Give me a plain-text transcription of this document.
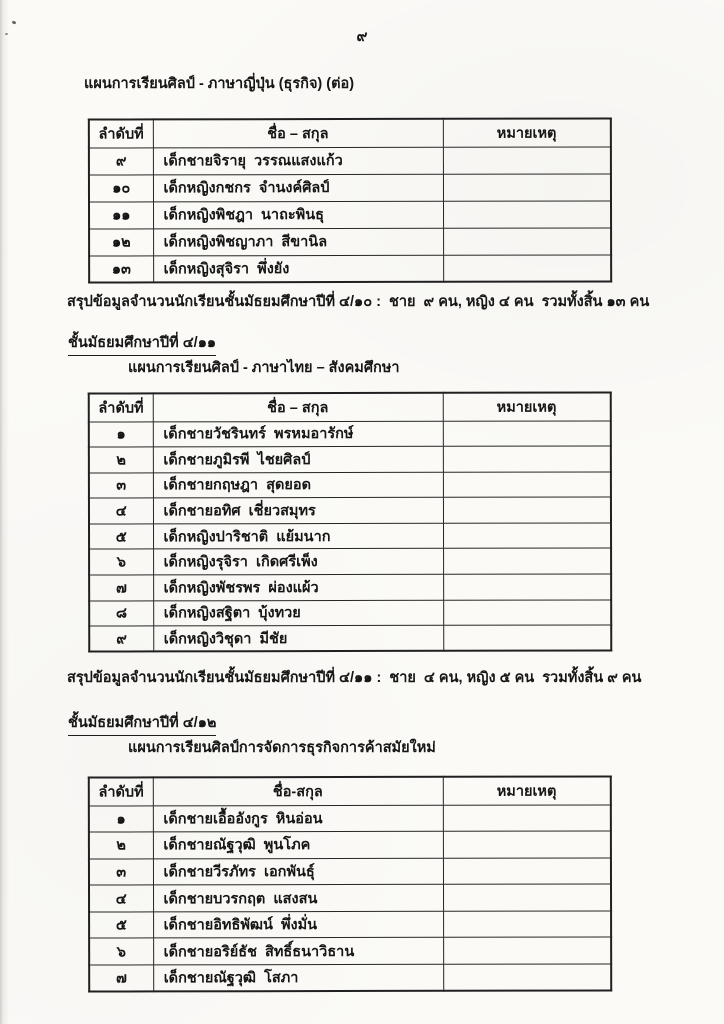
๙
แผนการเรียนศิลป์ - ภาษาญี่ปุ่น (ธุรกิจ) (ต่อ)
ลำดับที่	ชื่อ – สกุล	หมายเหตุ
๙	เด็กชายจิรายุ  วรรณแสงแก้ว	
๑๐	เด็กหญิงกชกร  จำนงค์ศิลป์	
๑๑	เด็กหญิงพิชฎา  นาถะพินธุ	
๑๒	เด็กหญิงพิชญาภา  สีขานิล	
๑๓	เด็กหญิงสุจิรา  พึ่งยัง	
สรุปข้อมูลจำนวนนักเรียนชั้นมัธยมศึกษาปีที่ ๔/๑๐ :  ชาย  ๙ คน, หญิง ๔ คน  รวมทั้งสิ้น ๑๓ คน
ชั้นมัธยมศึกษาปีที่ ๔/๑๑
แผนการเรียนศิลป์ - ภาษาไทย – สังคมศึกษา
ลำดับที่	ชื่อ – สกุล	หมายเหตุ
๑	เด็กชายวัชรินทร์  พรหมอารักษ์	
๒	เด็กชายภูมิรพี  ไชยศิลป์	
๓	เด็กชายกฤษฎา  สุดยอด	
๔	เด็กชายอทิศ  เชี่ยวสมุทร	
๕	เด็กหญิงปาริชาติ  แย้มนาก	
๖	เด็กหญิงรุจิรา  เกิดศรีเพ็ง	
๗	เด็กหญิงพัชรพร  ผ่องแผ้ว	
๘	เด็กหญิงสฐิตา  บุ้งทวย	
๙	เด็กหญิงวิชุดา  มีชัย	
สรุปข้อมูลจำนวนนักเรียนชั้นมัธยมศึกษาปีที่ ๔/๑๑ :  ชาย  ๔ คน, หญิง ๕ คน  รวมทั้งสิ้น ๙ คน
ชั้นมัธยมศึกษาปีที่ ๔/๑๒
แผนการเรียนศิลป์การจัดการธุรกิจการค้าสมัยใหม่
ลำดับที่	ชื่อ-สกุล	หมายเหตุ
๑	เด็กชายเอื้ออังกูร  หินอ่อน	
๒	เด็กชายณัฐวุฒิ  พูนโภค	
๓	เด็กชายวีรภัทร  เอกพันธุ์	
๔	เด็กชายบวรกฤต  แสงสน	
๕	เด็กชายอิทธิพัฒน์  พึ่งมั่น	
๖	เด็กชายอริย์ธัช  สิทธิ์ธนาวิธาน	
๗	เด็กชายณัฐวุฒิ  โสภา	
